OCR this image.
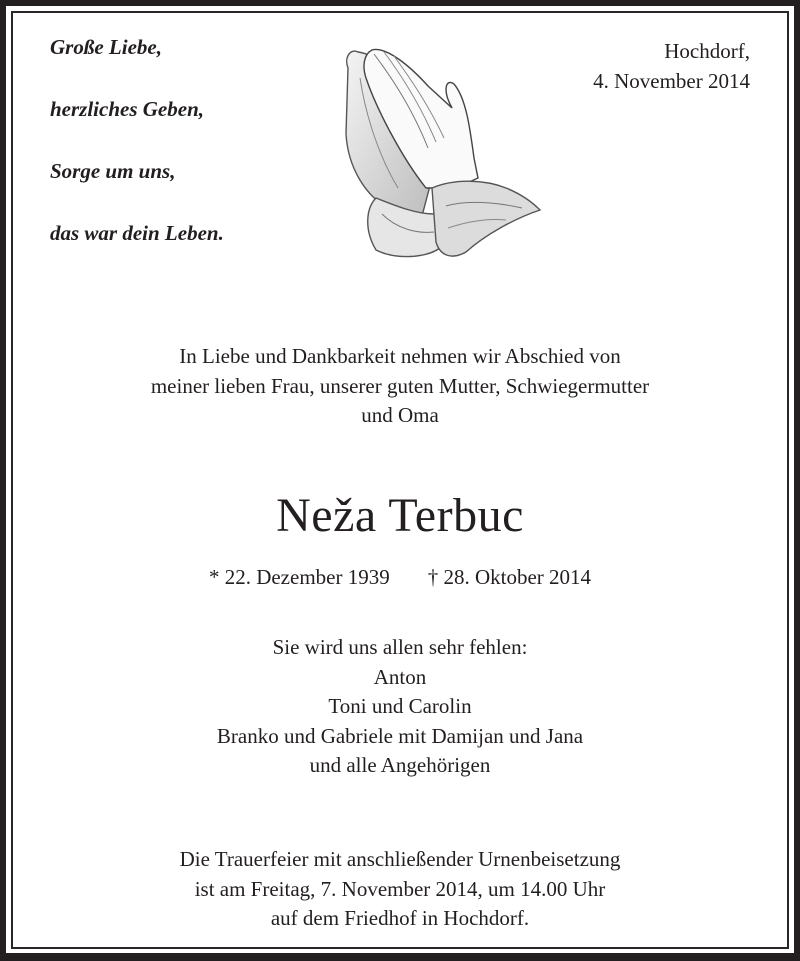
Große Liebe,
herzliches Geben,
Sorge um uns,
das war dein Leben.
Hochdorf,
4. November 2014
In Liebe und Dankbarkeit nehmen wir Abschied von
meiner lieben Frau, unserer guten Mutter, Schwiegermutter
und Oma
Neža Terbuc
* 22. Dezember 1939 † 28. Oktober 2014
Sie wird uns allen sehr fehlen:
Anton
Toni und Carolin
Branko und Gabriele mit Damijan und Jana
und alle Angehörigen
Die Trauerfeier mit anschließender Urnenbeisetzung
ist am Freitag, 7. November 2014, um 14.00 Uhr
auf dem Friedhof in Hochdorf.
